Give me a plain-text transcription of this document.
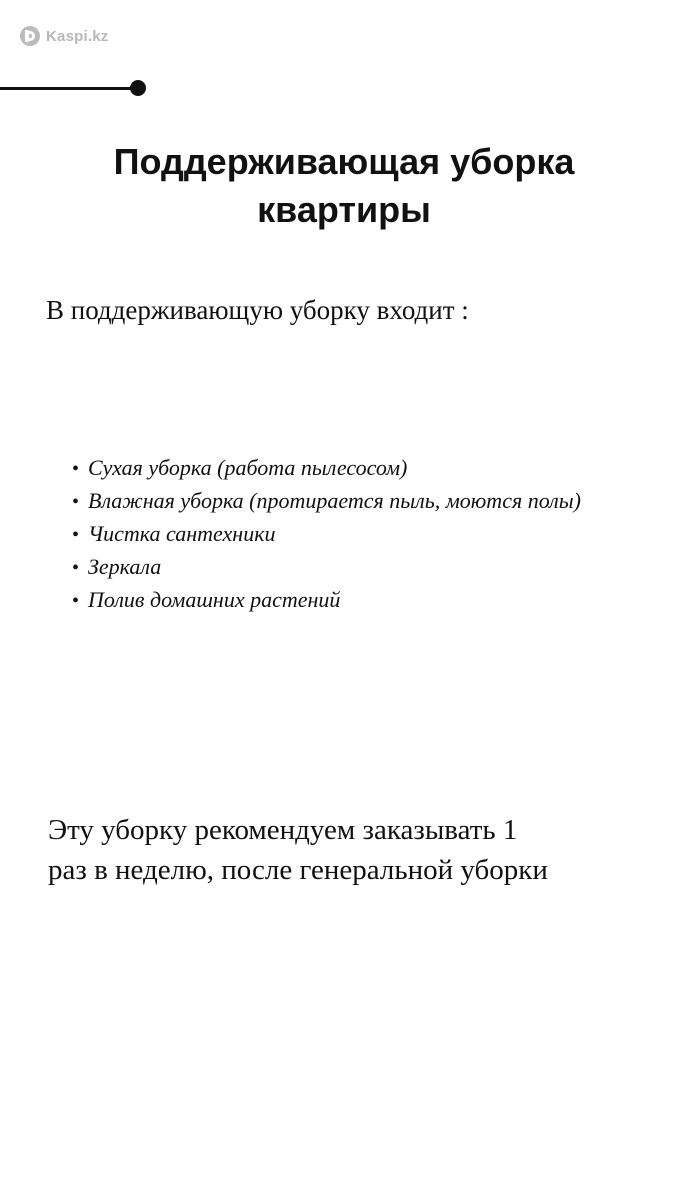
Kaspi.kz
Поддерживающая уборка
квартиры

В поддерживающую уборку входит :

• Сухая уборка (работа пылесосом)
• Влажная уборка (протирается пыль, моются полы)
• Чистка сантехники
• Зеркала
• Полив домашних растений

Эту уборку рекомендуем заказывать 1
раз в неделю, после генеральной уборки
